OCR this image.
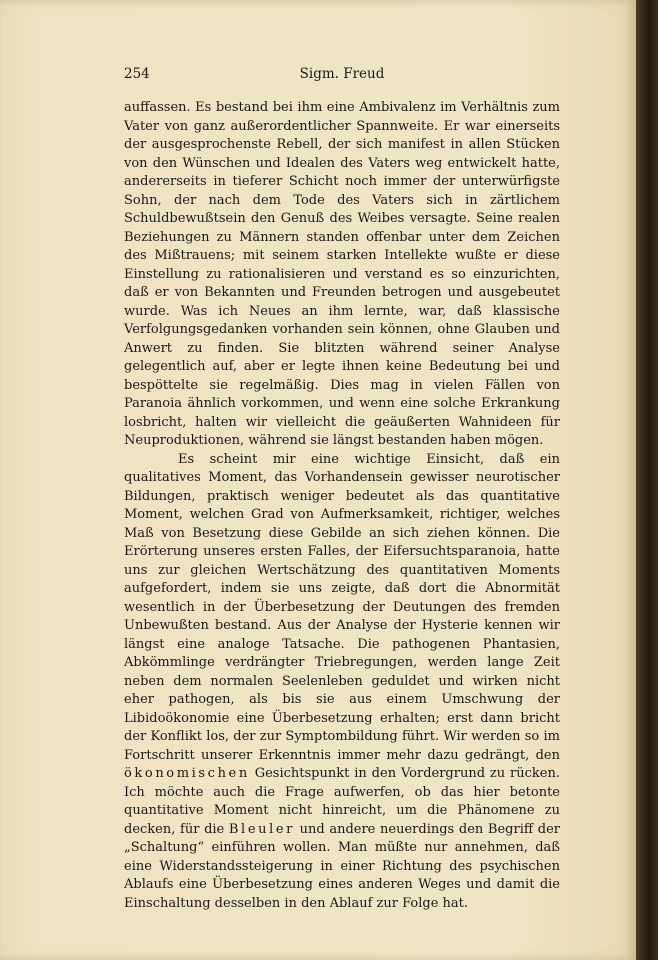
254	Sigm. Freud

auffassen. Es bestand bei ihm eine Ambivalenz im Verhältnis zum Vater von ganz außerordentlicher Spannweite. Er war einerseits der ausgesprochenste Rebell, der sich manifest in allen Stücken von den Wünschen und Idealen des Vaters weg entwickelt hatte, andererseits in tieferer Schicht noch immer der unterwürfigste Sohn, der nach dem Tode des Vaters sich in zärtlichem Schuldbewußtsein den Genuß des Weibes versagte. Seine realen Beziehungen zu Männern standen offenbar unter dem Zeichen des Mißtrauens; mit seinem starken Intellekte wußte er diese Einstellung zu rationalisieren und verstand es so einzurichten, daß er von Bekannten und Freunden betrogen und ausgebeutet wurde. Was ich Neues an ihm lernte, war, daß klassische Verfolgungsgedanken vorhanden sein können, ohne Glauben und Anwert zu finden. Sie blitzten während seiner Analyse gelegentlich auf, aber er legte ihnen keine Bedeutung bei und bespöttelte sie regelmäßig. Dies mag in vielen Fällen von Paranoia ähnlich vorkommen, und wenn eine solche Erkrankung losbricht, halten wir vielleicht die geäußerten Wahnideen für Neuproduktionen, während sie längst bestanden haben mögen.

Es scheint mir eine wichtige Einsicht, daß ein qualitatives Moment, das Vorhandensein gewisser neurotischer Bildungen, praktisch weniger bedeutet als das quantitative Moment, welchen Grad von Aufmerksamkeit, richtiger, welches Maß von Besetzung diese Gebilde an sich ziehen können. Die Erörterung unseres ersten Falles, der Eifersuchtsparanoia, hatte uns zur gleichen Wertschätzung des quantitativen Moments aufgefordert, indem sie uns zeigte, daß dort die Abnormität wesentlich in der Überbesetzung der Deutungen des fremden Unbewußten bestand. Aus der Analyse der Hysterie kennen wir längst eine analoge Tatsache. Die pathogenen Phantasien, Abkömmlinge verdrängter Triebregungen, werden lange Zeit neben dem normalen Seelenleben geduldet und wirken nicht eher pathogen, als bis sie aus einem Umschwung der Libidoökonomie eine Überbesetzung erhalten; erst dann bricht der Konflikt los, der zur Symptombildung führt. Wir werden so im Fortschritt unserer Erkenntnis immer mehr dazu gedrängt, den ökonomischen Gesichtspunkt in den Vordergrund zu rücken. Ich möchte auch die Frage aufwerfen, ob das hier betonte quantitative Moment nicht hinreicht, um die Phänomene zu decken, für die Bleuler und andere neuerdings den Begriff der „Schaltung“ einführen wollen. Man müßte nur annehmen, daß eine Widerstandssteigerung in einer Richtung des psychischen Ablaufs eine Überbesetzung eines anderen Weges und damit die Einschaltung desselben in den Ablauf zur Folge hat.
